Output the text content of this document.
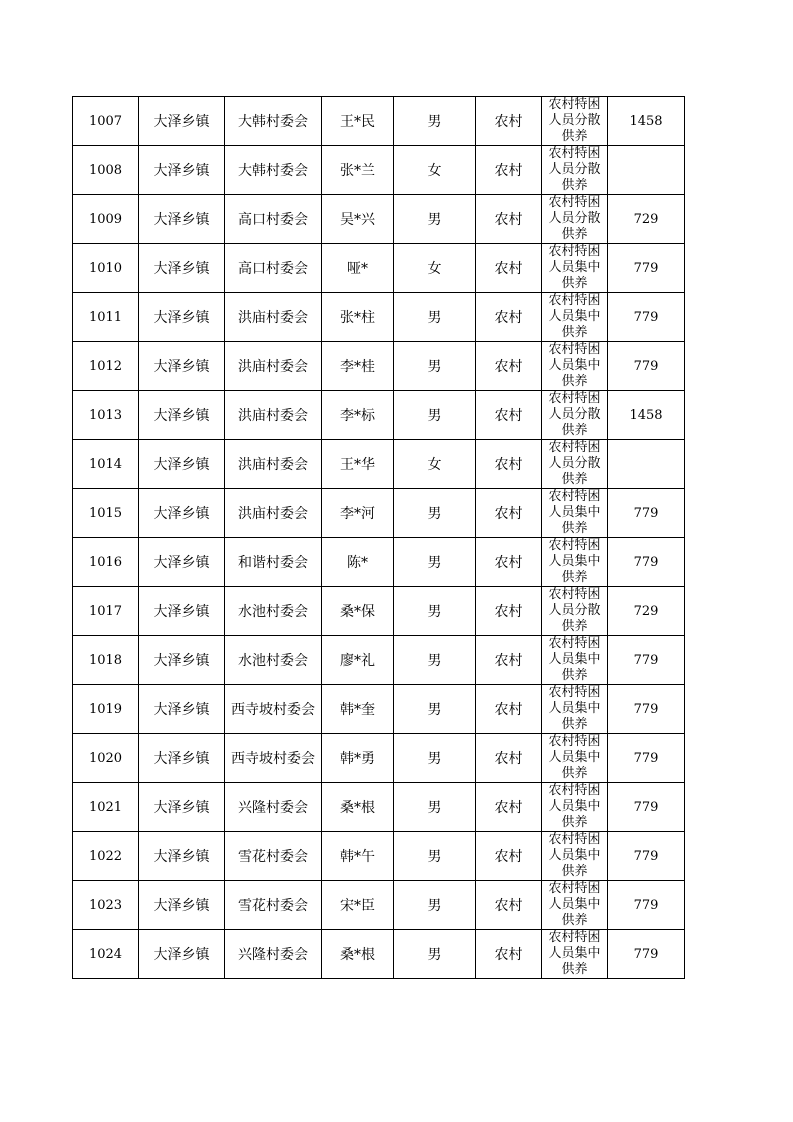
1007	大泽乡镇	大韩村委会	王*民	男	农村	农村特困人员分散供养	1458
1008	大泽乡镇	大韩村委会	张*兰	女	农村	农村特困人员分散供养	

1009	大泽乡镇	高口村委会	吴*兴	男	农村	农村特困人员分散供养	729
1010	大泽乡镇	高口村委会	哑*	女	农村	农村特困人员集中供养	779
1011	大泽乡镇	洪庙村委会	张*柱	男	农村	农村特困人员集中供养	779
1012	大泽乡镇	洪庙村委会	李*桂	男	农村	农村特困人员集中供养	779
1013	大泽乡镇	洪庙村委会	李*标	男	农村	农村特困人员分散供养	1458
1014	大泽乡镇	洪庙村委会	王*华	女	农村	农村特困人员分散供养	

1015	大泽乡镇	洪庙村委会	李*河	男	农村	农村特困人员集中供养	779
1016	大泽乡镇	和谐村委会	陈*	男	农村	农村特困人员集中供养	779
1017	大泽乡镇	水池村委会	桑*保	男	农村	农村特困人员分散供养	729
1018	大泽乡镇	水池村委会	廖*礼	男	农村	农村特困人员集中供养	779
1019	大泽乡镇	西寺坡村委会	韩*奎	男	农村	农村特困人员集中供养	779
1020	大泽乡镇	西寺坡村委会	韩*勇	男	农村	农村特困人员集中供养	779
1021	大泽乡镇	兴隆村委会	桑*根	男	农村	农村特困人员集中供养	779
1022	大泽乡镇	雪花村委会	韩*午	男	农村	农村特困人员集中供养	779
1023	大泽乡镇	雪花村委会	宋*臣	男	农村	农村特困人员集中供养	779
1024	大泽乡镇	兴隆村委会	桑*根	男	农村	农村特困人员集中供养	779
